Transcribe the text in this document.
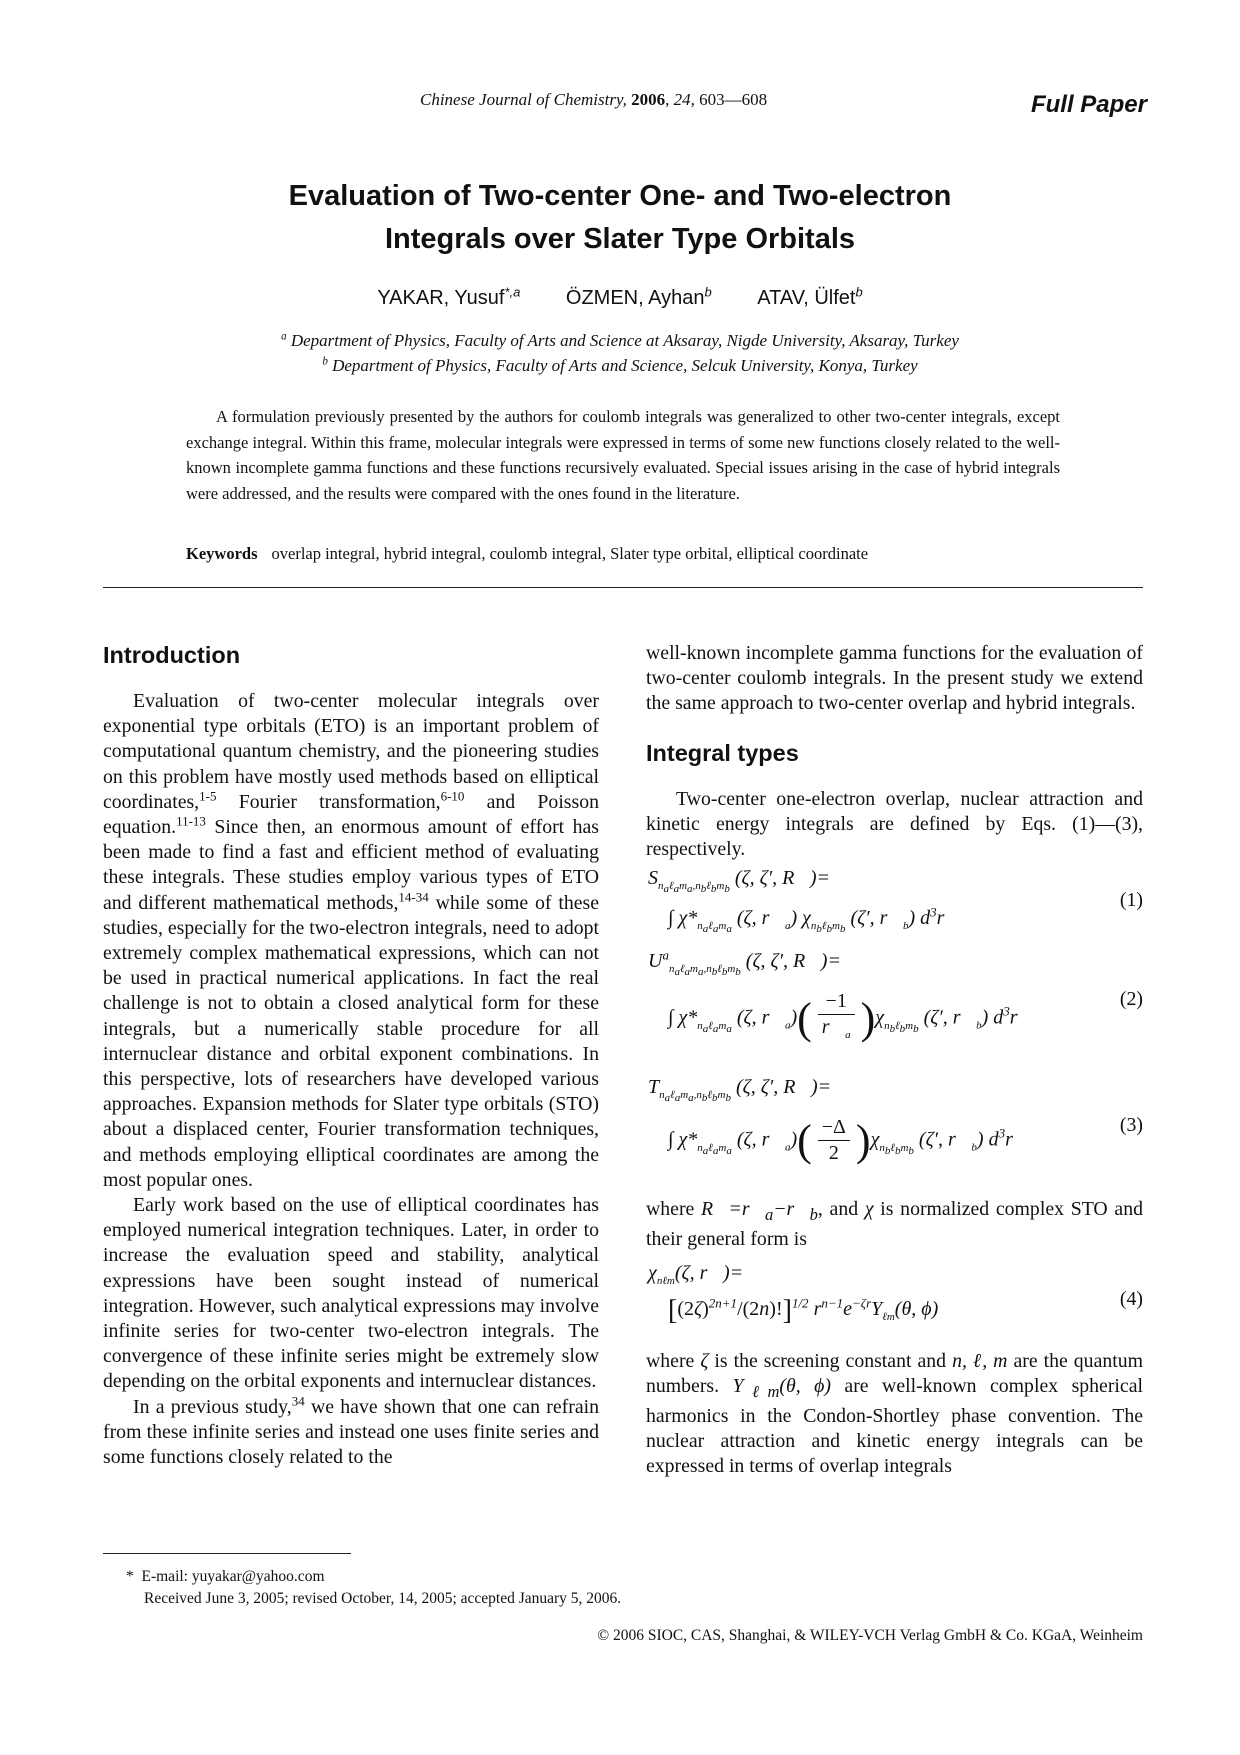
Chinese Journal of Chemistry, 2006, 24, 603—608	Full Paper
Evaluation of Two-center One- and Two-electron
Integrals over Slater Type Orbitals
YAKAR, Yusuf$^{*,a}$ ÖZMEN, Ayhan$^b$ ATAV, Ülfet$^b$
$^a$ Department of Physics, Faculty of Arts and Science at Aksaray, Nigde University, Aksaray, Turkey
$^b$ Department of Physics, Faculty of Arts and Science, Selcuk University, Konya, Turkey
A formulation previously presented by the authors for coulomb integrals was generalized to other two-center integrals, except exchange integral. Within this frame, molecular integrals were expressed in terms of some new functions closely related to the well-known incomplete gamma functions and these functions recursively evaluated. Special issues arising in the case of hybrid integrals were addressed, and the results were compared with the ones found in the literature.
Keywords overlap integral, hybrid integral, coulomb integral, Slater type orbital, elliptical coordinate
Introduction

Evaluation of two-center molecular integrals over exponential type orbitals (ETO) is an important problem of computational quantum chemistry, and the pioneering studies on this problem have mostly used methods based on elliptical coordinates,$^{1-5}$ Fourier transformation,$^{6-10}$ and Poisson equation.$^{11-13}$ Since then, an enormous amount of effort has been made to find a fast and efficient method of evaluating these integrals. These studies employ various types of ETO and different mathematical methods,$^{14-34}$ while some of these studies, especially for the two-electron integrals, need to adopt extremely complex mathematical expressions, which can not be used in practical numerical applications. In fact the real challenge is not to obtain a closed analytical form for these integrals, but a numerically stable procedure for all internuclear distance and orbital exponent combinations. In this perspective, lots of researchers have developed various approaches. Expansion methods for Slater type orbitals (STO) about a displaced center, Fourier transformation techniques, and methods employing elliptical coordinates are among the most popular ones.

Early work based on the use of elliptical coordinates has employed numerical integration techniques. Later, in order to increase the evaluation speed and stability, analytical expressions have been sought instead of numerical integration. However, such analytical expressions may involve infinite series for two-center two-electron integrals. The convergence of these infinite series might be extremely slow depending on the orbital exponents and internuclear distances.

In a previous study,$^{34}$ we have shown that one can refrain from these infinite series and instead one uses finite series and some functions closely related to the

well-known incomplete gamma functions for the evaluation of two-center coulomb integrals. In the present study we extend the same approach to two-center overlap and hybrid integrals.

Integral types

Two-center one-electron overlap, nuclear attraction and kinetic energy integrals are defined by Eqs. (1)—(3), respectively.

$S_{n_a\ell_am_a,n_b\ell_bm_b}$ (ζ, ζ′, R⃗)=
∫ $\chi*_{n_a\ell_am_a}$ (ζ, $r⃗_a$) $\chi_{n_b\ell_bm_b}$ (ζ′, $r⃗_b$) $d^3r$
(1)
$U^a_{n_a\ell_am_a,n_b\ell_bm_b}$ (ζ, ζ′, R⃗)=
∫ $\chi*_{n_a\ell_am_a}$ (ζ, $r⃗_a)( \frac{-1}{r⃗_a} )\chi_{n_b\ell_bm_b}$ (ζ′, $r⃗_b$) $d^3r$
(2)
$T_{n_a\ell_am_a,n_b\ell_bm_b}$ (ζ, ζ′, R⃗)=
∫ $\chi*_{n_a\ell_am_a}$ (ζ, $r⃗_a)( \frac{-\Delta}{2} )\chi_{n_b\ell_bm_b}$ (ζ′, $r⃗_b$) $d^3r$
(3)

where $R⃗=r⃗_a-r⃗_b$, and χ is normalized complex STO and their general form is

$\chi_{n\ell m}(\zeta$, r⃗)=
$[(2\zeta)^{2n+1}/(2n)!]^{1/2}$ $r^{n-1}e^{-\zeta r}Y_{\ell m}(\theta$, ϕ)	(4)

where ζ is the screening constant and n, ℓ, m are the quantum numbers. $Y_{\ell m}(\theta$, ϕ) are well-known complex spherical harmonics in the Condon-Shortley phase convention. The nuclear attraction and kinetic energy integrals can be expressed in terms of overlap integrals

* E-mail: yuyakar@yahoo.com
Received June 3, 2005; revised October, 14, 2005; accepted January 5, 2006.
© 2006 SIOC, CAS, Shanghai, & WILEY-VCH Verlag GmbH & Co. KGaA, Weinheim
